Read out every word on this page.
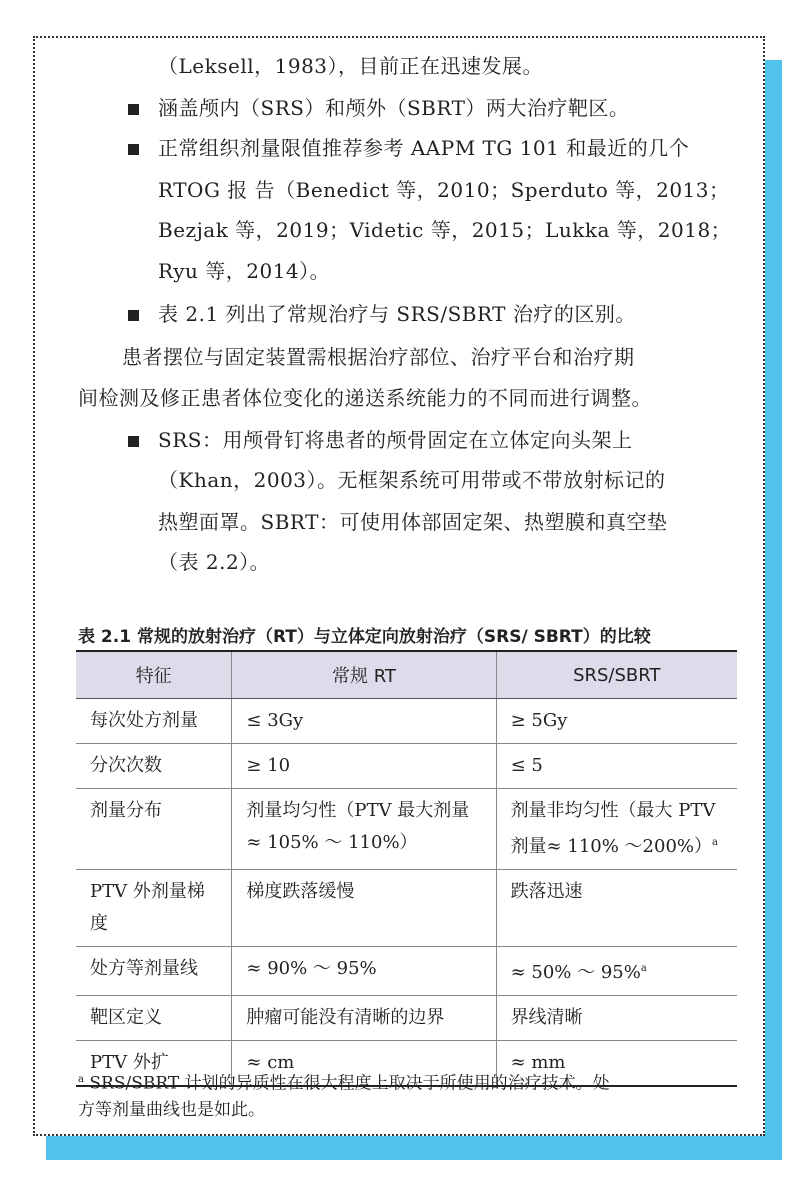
（Leksell，1983），目前正在迅速发展。
涵盖颅内（SRS）和颅外（SBRT）两大治疗靶区。
正常组织剂量限值推荐参考 AAPM TG 101 和最近的几个
RTOG 报 告（Benedict 等，2010；Sperduto 等，2013；
Bezjak 等，2019；Videtic 等，2015；Lukka 等，2018；
Ryu 等，2014）。
表 2.1 列出了常规治疗与 SRS/SBRT 治疗的区别。
患者摆位与固定装置需根据治疗部位、治疗平台和治疗期
间检测及修正患者体位变化的递送系统能力的不同而进行调整。
SRS：用颅骨钉将患者的颅骨固定在立体定向头架上
（Khan，2003）。无框架系统可用带或不带放射标记的
热塑面罩。SBRT：可使用体部固定架、热塑膜和真空垫
（表 2.2）。
表 2.1 常规的放射治疗（RT）与立体定向放射治疗（SRS/ SBRT）的比较
特征	常规 RT	SRS/SBRT
每次处方剂量	≤ 3Gy	≥ 5Gy
分次次数	≥ 10	≤ 5
剂量分布	剂量均匀性（PTV 最大剂量 ≈ 105% ～ 110%）	剂量非均匀性（最大 PTV 剂量≈ 110% ～200%）$^a$
PTV 外剂量梯度	梯度跌落缓慢	跌落迅速
处方等剂量线	≈ 90% ～ 95%	≈ 50% ～ 95%$^a$
靶区定义	肿瘤可能没有清晰的边界	界线清晰
PTV 外扩	≈ cm	≈ mm
$^a$ SRS/SBRT 计划的异质性在很大程度上取决于所使用的治疗技术。处
方等剂量曲线也是如此。
